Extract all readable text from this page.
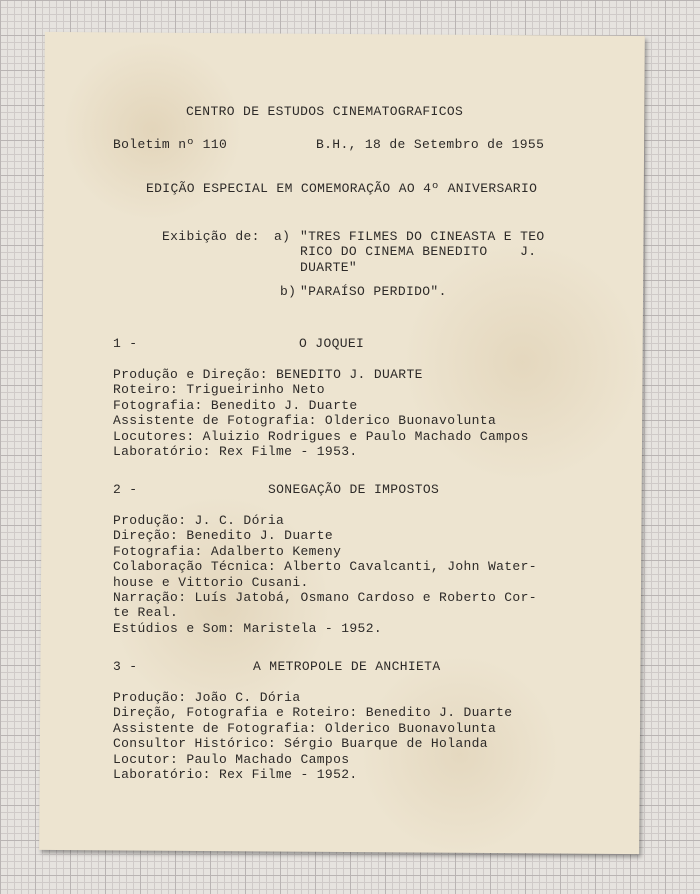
CENTRO DE ESTUDOS CINEMATOGRAFICOS
Boletim nº 110	B.H., 18 de Setembro de 1955
EDIÇÃO ESPECIAL EM COMEMORAÇÃO AO 4º ANIVERSARIO
Exibição de: a) "TRES FILMES DO CINEASTA E TEO
RICO DO CINEMA BENEDITO    J.
DUARTE"
b) "PARAÍSO PERDIDO".
1 -	O JOQUEI
Produção e Direção: BENEDITO J. DUARTE
Roteiro: Trigueirinho Neto
Fotografia: Benedito J. Duarte
Assistente de Fotografia: Olderico Buonavolunta
Locutores: Aluizio Rodrigues e Paulo Machado Campos
Laboratório: Rex Filme - 1953.
2 -	SONEGAÇÃO DE IMPOSTOS
Produção: J. C. Dória
Direção: Benedito J. Duarte
Fotografia: Adalberto Kemeny
Colaboração Técnica: Alberto Cavalcanti, John Water-
house e Vittorio Cusani.
Narração: Luís Jatobá, Osmano Cardoso e Roberto Cor-
te Real.
Estúdios e Som: Maristela - 1952.
3 -	A METROPOLE DE ANCHIETA
Produção: João C. Dória
Direção, Fotografia e Roteiro: Benedito J. Duarte
Assistente de Fotografia: Olderico Buonavolunta
Consultor Histórico: Sérgio Buarque de Holanda
Locutor: Paulo Machado Campos
Laboratório: Rex Filme - 1952.
